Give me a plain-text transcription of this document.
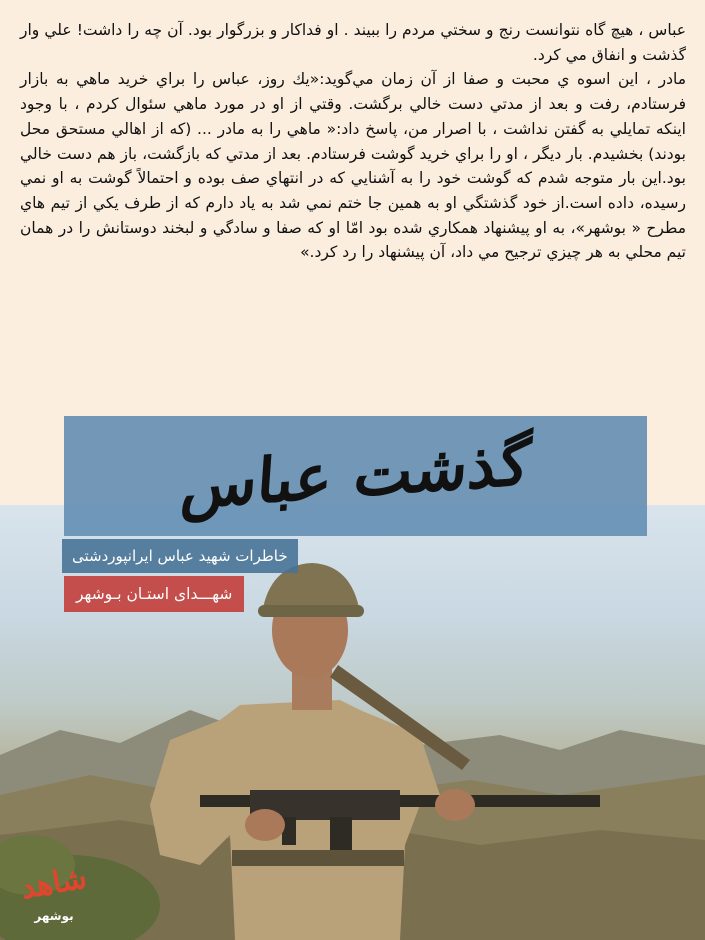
عباس ، هيچ گاه نتوانست رنج و سختي مردم را ببيند . او فداكار و بزرگوار بود. آن چه را داشت! علي وار گذشت و انفاق مي كرد.

مادر ، اين اسوه ي محبت و صفا از آن زمان مي‌گويد:«يك روز، عباس را براي خريد ماهي به بازار فرستادم، رفت و بعد از مدتي دست خالي برگشت. وقتي از او در مورد ماهي سئوال كردم ، با وجود اينكه تمايلي به گفتن نداشت ، با اصرار من، پاسخ داد:« ماهي را به مادر ... (كه از اهالي مستحق محل بودند) بخشيدم. بار ديگر ، او را براي خريد گوشت فرستادم. بعد از مدتي كه بازگشت، باز هم دست خالي بود.اين بار متوجه شدم كه گوشت خود را به آشنايي كه در انتهاي صف بوده و احتمالاً گوشت به او نمي رسيده، داده است.از خود گذشتگي او به همين جا ختم نمي شد به ياد دارم كه از طرف يكي از تيم هاي مطرح « بوشهر»، به او پيشنهاد همكاري شده بود امّا او كه صفا و سادگي و لبخند دوستانش را در همان تيم محلي به هر چيزي ترجيح مي داد، آن پيشنهاد را رد كرد.»

گذشت عباس
خاطرات شهید عباس ایرانپوردشتی
شهـــدای استـان بـوشهر
شاهد
بوشهر
